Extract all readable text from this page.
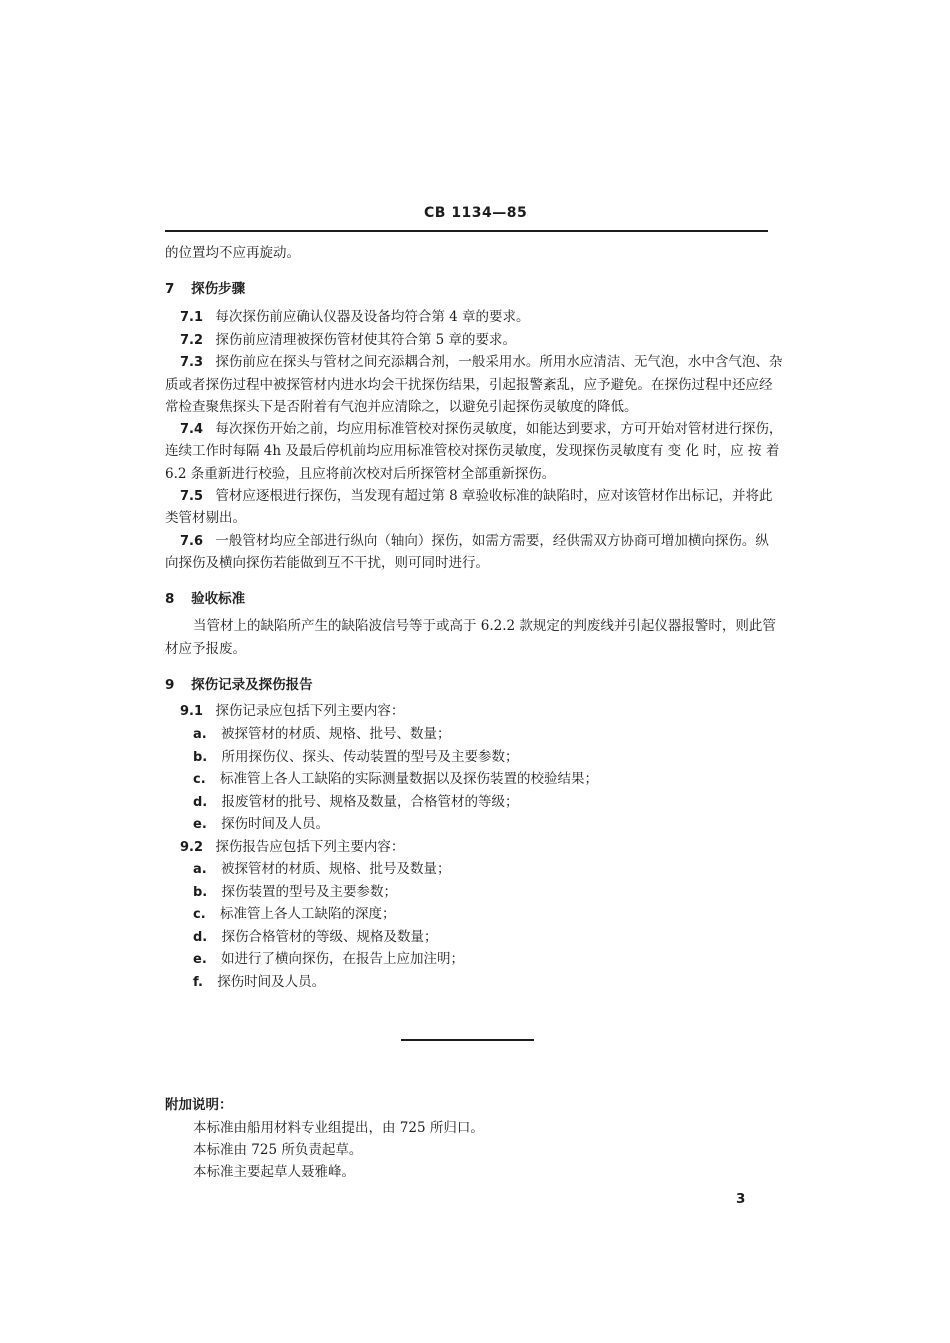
CB 1134—85
的位置均不应再旋动。
7 探伤步骤
7.1 每次探伤前应确认仪器及设备均符合第 4 章的要求。
7.2 探伤前应清理被探伤管材使其符合第 5 章的要求。
7.3 探伤前应在探头与管材之间充添耦合剂，一般采用水。所用水应清洁、无气泡，水中含气泡、杂
质或者探伤过程中被探管材内进水均会干扰探伤结果，引起报警紊乱，应予避免。在探伤过程中还应经
常检查聚焦探头下是否附着有气泡并应清除之，以避免引起探伤灵敏度的降低。
7.4 每次探伤开始之前，均应用标准管校对探伤灵敏度，如能达到要求，方可开始对管材进行探伤，
连续工作时每隔 4h 及最后停机前均应用标准管校对探伤灵敏度，发现探伤灵敏度有 变 化 时，应 按 着
6.2 条重新进行校验，且应将前次校对后所探管材全部重新探伤。
7.5 管材应逐根进行探伤，当发现有超过第 8 章验收标准的缺陷时，应对该管材作出标记，并将此
类管材剔出。
7.6 一般管材均应全部进行纵向（轴向）探伤，如需方需要，经供需双方协商可增加横向探伤。纵
向探伤及横向探伤若能做到互不干扰，则可同时进行。
8 验收标准
当管材上的缺陷所产生的缺陷波信号等于或高于 6.2.2 款规定的判废线并引起仪器报警时，则此管
材应予报废。
9 探伤记录及探伤报告
9.1 探伤记录应包括下列主要内容：
a. 被探管材的材质、规格、批号、数量；
b. 所用探伤仪、探头、传动装置的型号及主要参数；
c. 标准管上各人工缺陷的实际测量数据以及探伤装置的校验结果；
d. 报废管材的批号、规格及数量，合格管材的等级；
e. 探伤时间及人员。
9.2 探伤报告应包括下列主要内容：
a. 被探管材的材质、规格、批号及数量；
b. 探伤装置的型号及主要参数；
c. 标准管上各人工缺陷的深度；
d. 探伤合格管材的等级、规格及数量；
e. 如进行了横向探伤，在报告上应加注明；
f. 探伤时间及人员。
附加说明：
本标准由船用材料专业组提出，由 725 所归口。
本标准由 725 所负责起草。
本标准主要起草人聂雅峰。
3
